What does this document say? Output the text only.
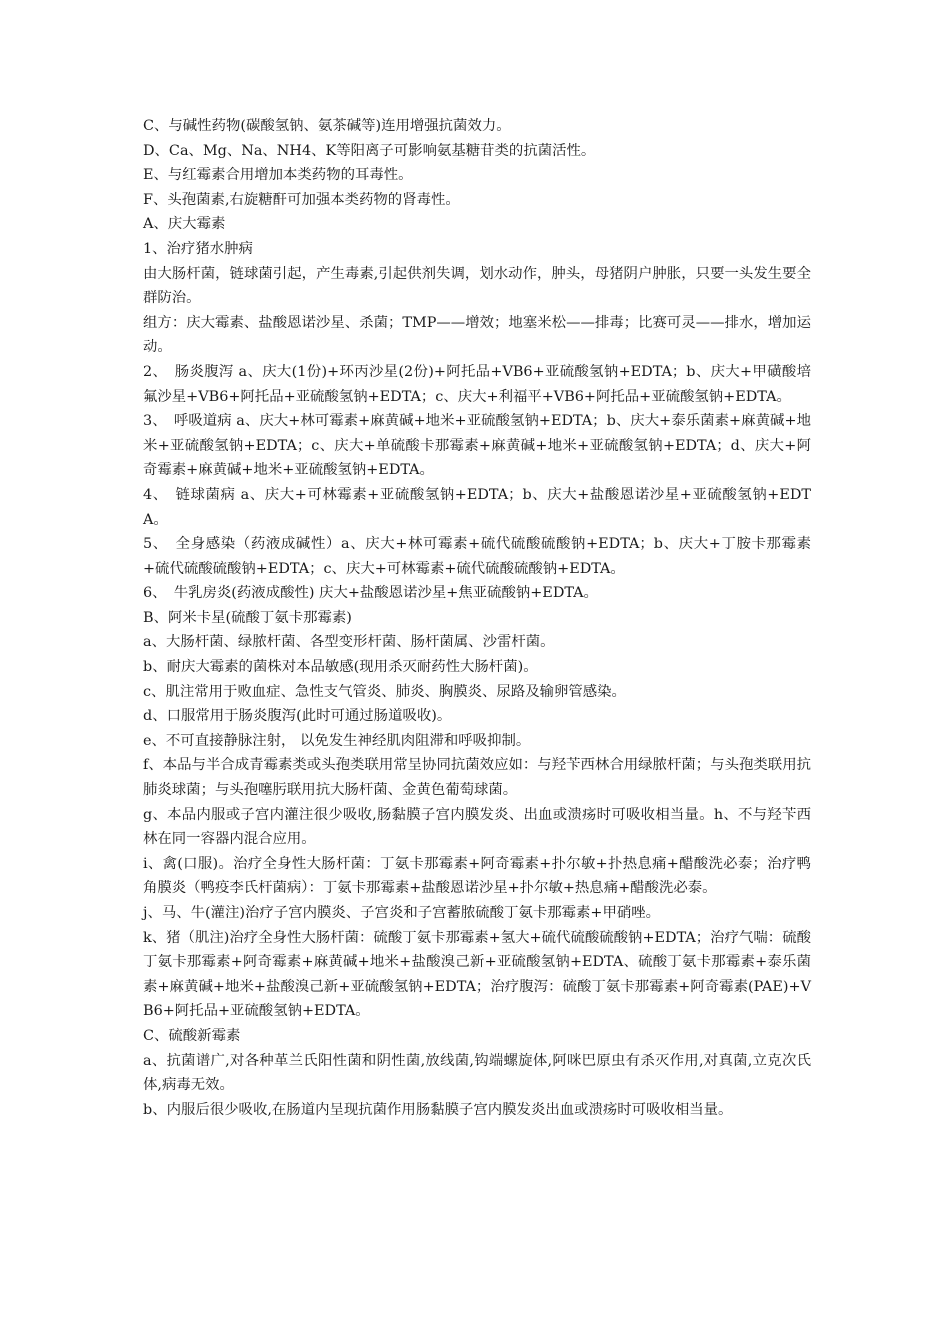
C、与碱性药物(碳酸氢钠、氨茶碱等)连用增强抗菌效力。

D、Ca、Mg、Na、NH4、K等阳离子可影响氨基糖苷类的抗菌活性。

E、与红霉素合用增加本类药物的耳毒性。

F、头孢菌素,右旋糖酐可加强本类药物的肾毒性。

A、庆大霉素

1、治疗猪水肿病

由大肠杆菌，链球菌引起，产生毒素,引起供剂失调，划水动作，肿头，母猪阴户肿胀，只要一头发生要全群防治。

组方：庆大霉素、盐酸恩诺沙星、杀菌；TMP——增效；地塞米松——排毒；比赛可灵——排水，增加运动。

2、　肠炎腹泻 a、庆大(1份)+环丙沙星(2份)+阿托品+VB6+亚硫酸氢钠+EDTA；b、庆大+甲磺酸培氟沙星+VB6+阿托品+亚硫酸氢钠+EDTA；c、庆大+利福平+VB6+阿托品+亚硫酸氢钠+EDTA。

3、　呼吸道病 a、庆大+林可霉素+麻黄碱+地米+亚硫酸氢钠+EDTA；b、庆大+泰乐菌素+麻黄碱+地米+亚硫酸氢钠+EDTA；c、庆大+单硫酸卡那霉素+麻黄碱+地米+亚硫酸氢钠+EDTA；d、庆大+阿奇霉素+麻黄碱+地米+亚硫酸氢钠+EDTA。

4、　链球菌病 a、庆大+可林霉素+亚硫酸氢钠+EDTA；b、庆大+盐酸恩诺沙星+亚硫酸氢钠+EDTA。

5、　全身感染（药液成碱性）a、庆大+林可霉素+硫代硫酸硫酸钠+EDTA；b、庆大+丁胺卡那霉素+硫代硫酸硫酸钠+EDTA；c、庆大+可林霉素+硫代硫酸硫酸钠+EDTA。

6、　牛乳房炎(药液成酸性) 庆大+盐酸恩诺沙星+焦亚硫酸钠+EDTA。

B、阿米卡星(硫酸丁氨卡那霉素)

a、大肠杆菌、绿脓杆菌、各型变形杆菌、肠杆菌属、沙雷杆菌。

b、耐庆大霉素的菌株对本品敏感(现用杀灭耐药性大肠杆菌)。

c、肌注常用于败血症、急性支气管炎、肺炎、胸膜炎、尿路及输卵管感染。

d、口服常用于肠炎腹泻(此时可通过肠道吸收)。

e、不可直接静脉注射， 以免发生神经肌肉阻滞和呼吸抑制。

f、本品与半合成青霉素类或头孢类联用常呈协同抗菌效应如：与羟苄西林合用绿脓杆菌；与头孢类联用抗肺炎球菌；与头孢噻肟联用抗大肠杆菌、金黄色葡萄球菌。

g、本品内服或子宫内灌注很少吸收,肠黏膜子宫内膜发炎、出血或溃疡时可吸收相当量。h、不与羟苄西林在同一容器内混合应用。

i、禽(口服)。治疗全身性大肠杆菌：丁氨卡那霉素+阿奇霉素+扑尔敏+扑热息痛+醋酸洗必泰；治疗鸭角膜炎（鸭疫李氏杆菌病）：丁氨卡那霉素+盐酸恩诺沙星+扑尔敏+热息痛+醋酸洗必泰。

j、马、牛(灌注)治疗子宫内膜炎、子宫炎和子宫蓄脓硫酸丁氨卡那霉素+甲硝唑。

k、猪（肌注)治疗全身性大肠杆菌：硫酸丁氨卡那霉素+氢大+硫代硫酸硫酸钠+EDTA；治疗气喘：硫酸丁氨卡那霉素+阿奇霉素+麻黄碱+地米+盐酸溴己新+亚硫酸氢钠+EDTA、硫酸丁氨卡那霉素+泰乐菌素+麻黄碱+地米+盐酸溴己新+亚硫酸氢钠+EDTA；治疗腹泻：硫酸丁氨卡那霉素+阿奇霉素(PAE)+VB6+阿托品+亚硫酸氢钠+EDTA。

C、硫酸新霉素

a、抗菌谱广,对各种革兰氏阳性菌和阴性菌,放线菌,钩端螺旋体,阿咪巴原虫有杀灭作用,对真菌,立克次氏体,病毒无效。

b、内服后很少吸收,在肠道内呈现抗菌作用肠黏膜子宫内膜发炎出血或溃疡时可吸收相当量。
